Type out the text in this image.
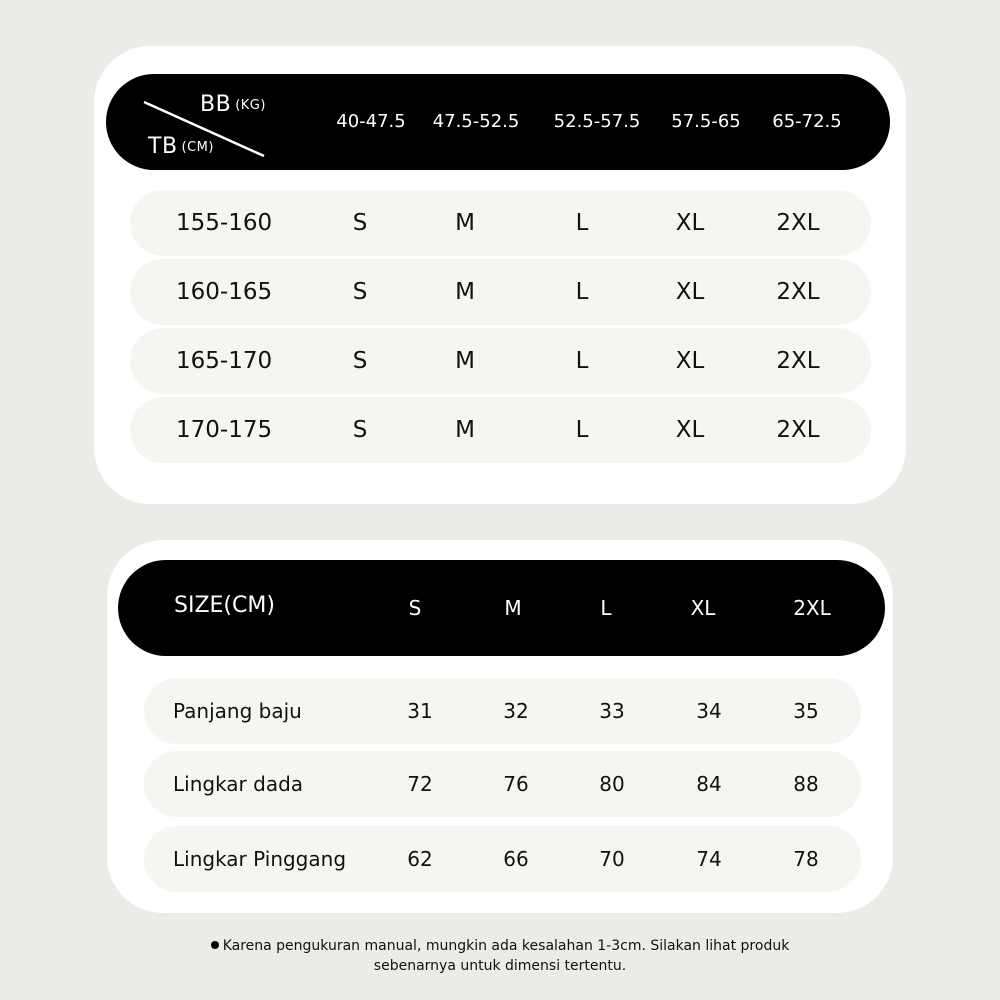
BB (KG)
TB (CM)
40-47.5 47.5-52.5 52.5-57.5 57.5-65 65-72.5
155-160	S	M	L	XL	2XL
160-165	S	M	L	XL	2XL
165-170	S	M	L	XL	2XL
170-175	S	M	L	XL	2XL
SIZE(CM)	S	M	L	XL	2XL
Panjang baju	31	32	33	34	35
Lingkar dada	72	76	80	84	88
Lingkar Pinggang	62	66	70	74	78
Karena pengukuran manual, mungkin ada kesalahan 1-3cm. Silakan lihat produk
sebenarnya untuk dimensi tertentu.
